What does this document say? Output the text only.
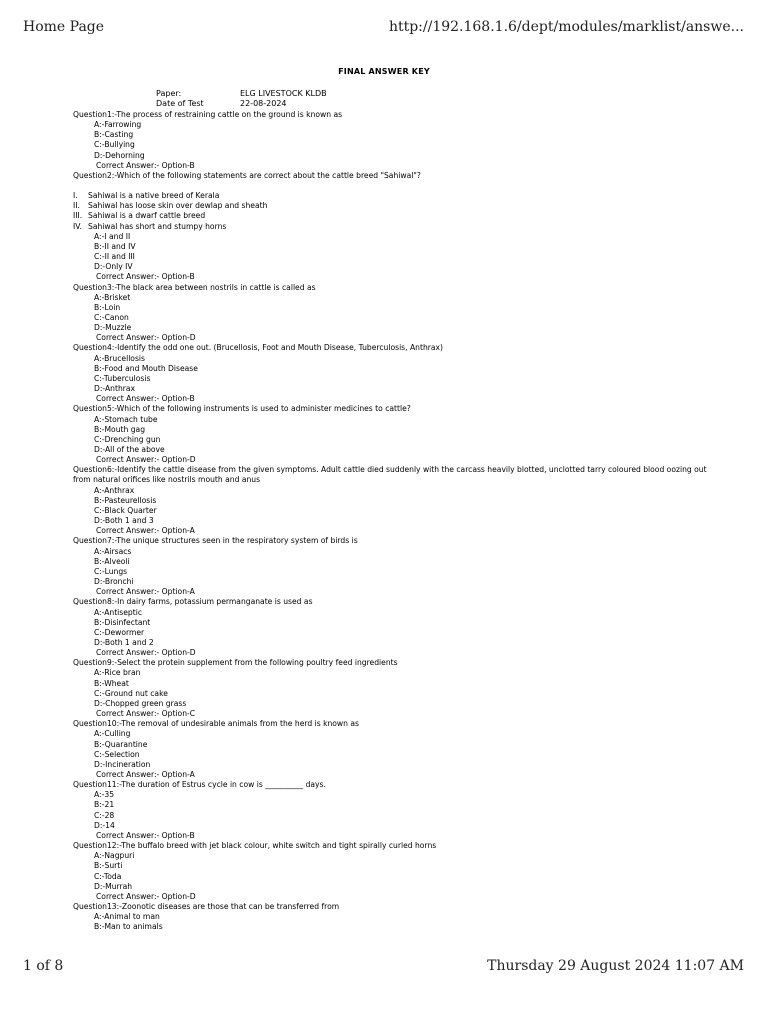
Home Page	http://192.168.1.6/dept/modules/marklist/answe...
FINAL ANSWER KEY
Paper:	ELG LIVESTOCK KLDB
Date of Test	22-08-2024
Question1:-The process of restraining cattle on the ground is known as
A:-Farrowing
B:-Casting
C:-Bullying
D:-Dehorning
Correct Answer:- Option-B
Question2:-Which of the following statements are correct about the cattle breed "Sahiwal"?
I. Sahiwal is a native breed of Kerala
II. Sahiwal has loose skin over dewlap and sheath
III. Sahiwal is a dwarf cattle breed
IV. Sahiwal has short and stumpy horns
A:-I and II
B:-II and IV
C:-II and III
D:-Only IV
Correct Answer:- Option-B
Question3:-The black area between nostrils in cattle is called as
A:-Brisket
B:-Loin
C:-Canon
D:-Muzzle
Correct Answer:- Option-D
Question4:-Identify the odd one out. (Brucellosis, Foot and Mouth Disease, Tuberculosis, Anthrax)
A:-Brucellosis
B:-Food and Mouth Disease
C:-Tuberculosis
D:-Anthrax
Correct Answer:- Option-B
Question5:-Which of the following instruments is used to administer medicines to cattle?
A:-Stomach tube
B:-Mouth gag
C:-Drenching gun
D:-All of the above
Correct Answer:- Option-D
Question6:-Identify the cattle disease from the given symptoms. Adult cattle died suddenly with the carcass heavily blotted, unclotted tarry coloured blood oozing out from natural orifices like nostrils mouth and anus
A:-Anthrax
B:-Pasteurellosis
C:-Black Quarter
D:-Both 1 and 3
Correct Answer:- Option-A
Question7:-The unique structures seen in the respiratory system of birds is
A:-Airsacs
B:-Alveoli
C:-Lungs
D:-Bronchi
Correct Answer:- Option-A
Question8:-In dairy farms, potassium permanganate is used as
A:-Antiseptic
B:-Disinfectant
C:-Dewormer
D:-Both 1 and 2
Correct Answer:- Option-D
Question9:-Select the protein supplement from the following poultry feed ingredients
A:-Rice bran
B:-Wheat
C:-Ground nut cake
D:-Chopped green grass
Correct Answer:- Option-C
Question10:-The removal of undesirable animals from the herd is known as
A:-Culling
B:-Quarantine
C:-Selection
D:-Incineration
Correct Answer:- Option-A
Question11:-The duration of Estrus cycle in cow is __________ days.
A:-35
B:-21
C:-28
D:-14
Correct Answer:- Option-B
Question12:-The buffalo breed with jet black colour, white switch and tight spirally curled horns
A:-Nagpuri
B:-Surti
C:-Toda
D:-Murrah
Correct Answer:- Option-D
Question13:-Zoonotic diseases are those that can be transferred from
A:-Animal to man
B:-Man to animals
1 of 8	Thursday 29 August 2024 11:07 AM
